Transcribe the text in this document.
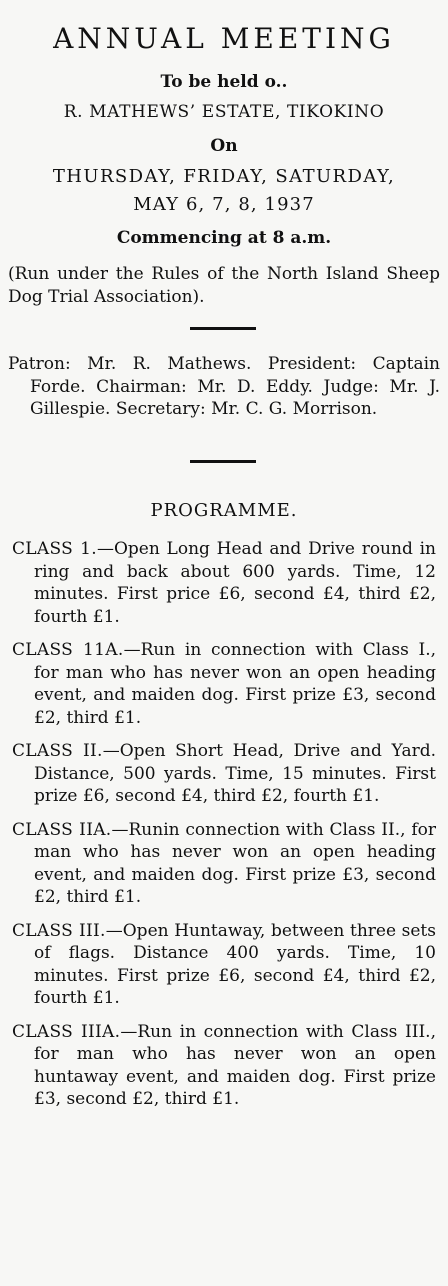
ANNUAL MEETING
To be held o..
R. MATHEWS’ ESTATE, TIKOKINO
On
THURSDAY, FRIDAY, SATURDAY,
MAY 6, 7, 8, 1937
Commencing at 8 a.m.
(Run under the Rules of the North Island Sheep Dog Trial Association).
Patron: Mr. R. Mathews. President: Captain Forde. Chairman: Mr. D. Eddy. Judge: Mr. J. Gillespie. Secretary: Mr. C. G. Morrison.
PROGRAMME.
CLASS 1.—Open Long Head and Drive round in ring and back about 600 yards. Time, 12 minutes. First price £6, second £4, third £2, fourth £1.
CLASS 11A.—Run in connection with Class I., for man who has never won an open heading event, and maiden dog. First prize £3, second £2, third £1.
CLASS II.—Open Short Head, Drive and Yard. Distance, 500 yards. Time, 15 minutes. First prize £6, second £4, third £2, fourth £1.
CLASS IIA.—Runin connection with Class II., for man who has never won an open heading event, and maiden dog. First prize £3, second £2, third £1.
CLASS III.—Open Huntaway, between three sets of flags. Distance 400 yards. Time, 10 minutes. First prize £6, second £4, third £2, fourth £1.
CLASS IIIA.—Run in connection with Class III., for man who has never won an open huntaway event, and maiden dog. First prize £3, second £2, third £1.
